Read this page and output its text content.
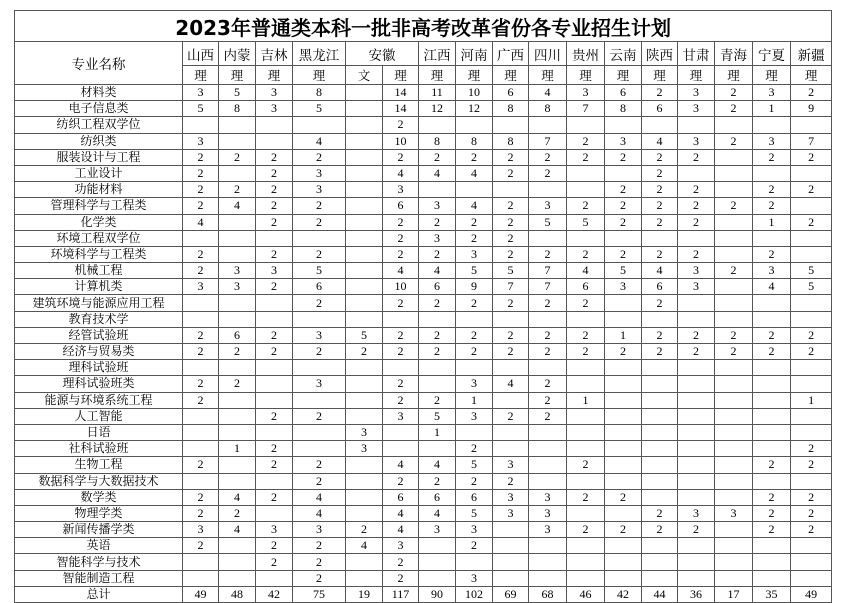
2023年普通类本科一批非高考改革省份各专业招生计划																	
专业名称	山西	内蒙	吉林	黑龙江	安徽		江西	河南	广西	四川	贵州	云南	陕西	甘肃	青海	宁夏	新疆
	理	理	理	理	文	理	理	理	理	理	理	理	理	理	理	理	理
材料类	3	5	3	8		14	11	10	6	4	3	6	2	3	2	3	2
电子信息类	5	8	3	5		14	12	12	8	8	7	8	6	3	2	1	9
纺织工程双学位						2											
纺织类	3			4		10	8	8	8	7	2	3	4	3	2	3	7
服装设计与工程	2	2	2	2		2	2	2	2	2	2	2	2	2		2	2
工业设计	2		2	3		4	4	4	2	2			2				
功能材料	2	2	2	3		3						2	2	2		2	2
管理科学与工程类	2	4	2	2		6	3	4	2	3	2	2	2	2	2	2	
化学类	4		2	2		2	2	2	2	5	5	2	2	2		1	2
环境工程双学位						2	3	2	2								
环境科学与工程类	2		2	2		2	2	3	2	2	2	2	2	2		2	
机械工程	2	3	3	5		4	4	5	5	7	4	5	4	3	2	3	5
计算机类	3	3	2	6		10	6	9	7	7	6	3	6	3		4	5
建筑环境与能源应用工程				2		2	2	2	2	2	2		2				
教育技术学																	
经管试验班	2	6	2	3	5	2	2	2	2	2	2	1	2	2	2	2	2
经济与贸易类	2	2	2	2	2	2	2	2	2	2	2	2	2	2	2	2	2
理科试验班																	
理科试验班类	2	2		3		2		3	4	2							
能源与环境系统工程	2					2	2	1		2	1						1
人工智能			2	2		3	5	3	2	2							
日语					3		1										
社科试验班		1	2		3			2									2
生物工程	2		2	2		4	4	5	3		2					2	2
数据科学与大数据技术				2		2	2	2	2								
数学类	2	4	2	4		6	6	6	3	3	2	2				2	2
物理学类	2	2		4		4	4	5	3	3			2	3	3	2	2
新闻传播学类	3	4	3	3	2	4	3	3		3	2	2	2	2		2	2
英语	2		2	2	4	3		2									
智能科学与技术			2	2		2											
智能制造工程				2		2		3									
总计	49	48	42	75	19	117	90	102	69	68	46	42	44	36	17	35	49
